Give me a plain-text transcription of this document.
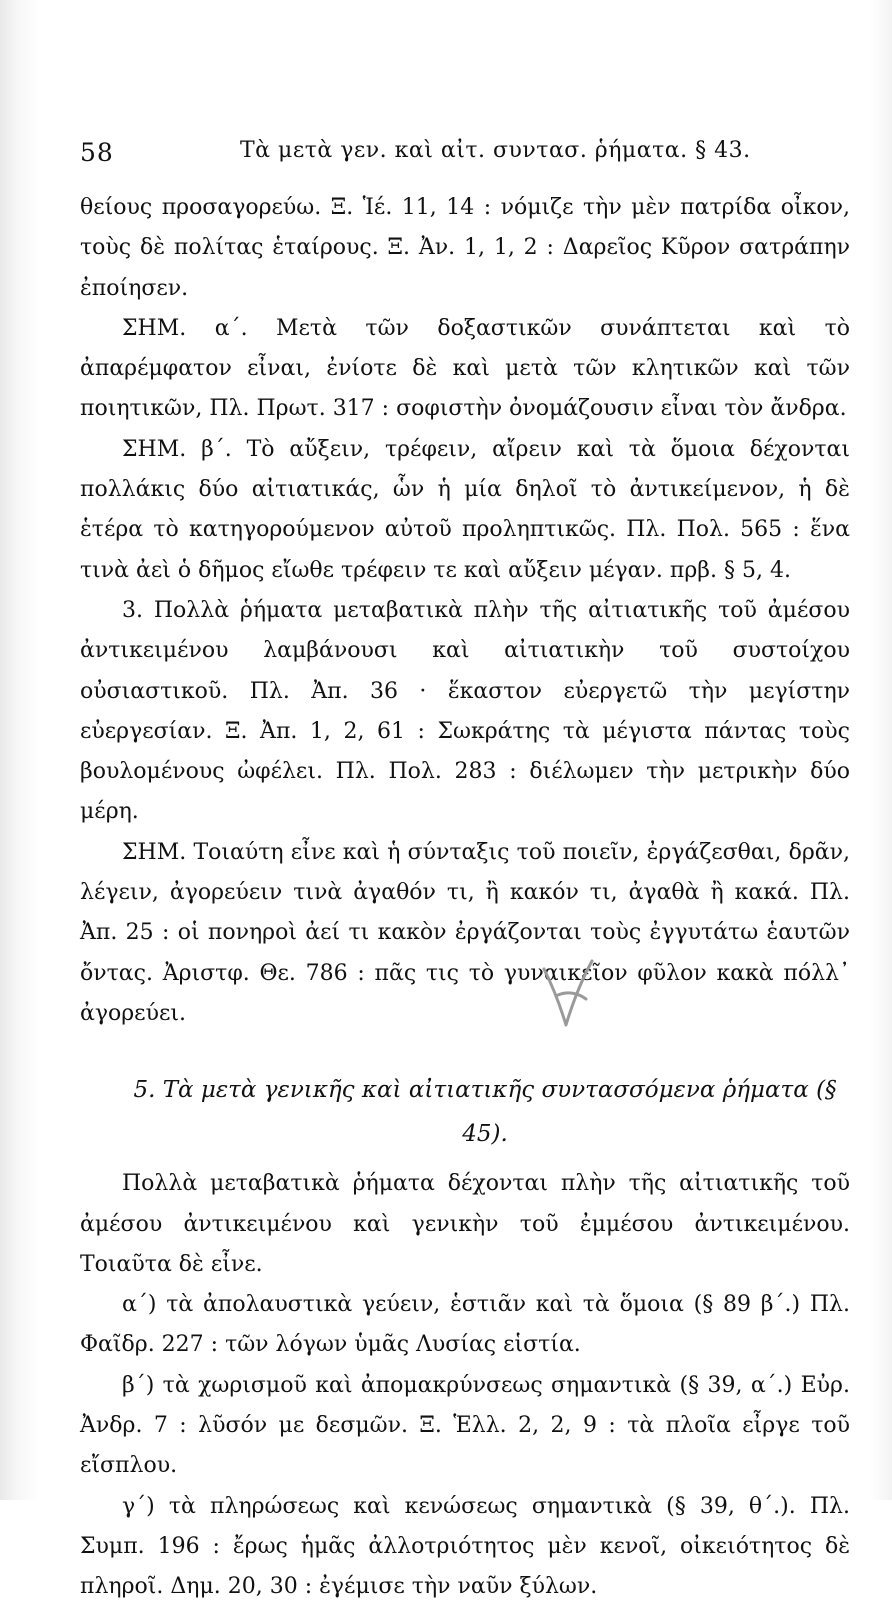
58	Τὰ μετὰ γεν. καὶ αἰτ. συντασ. ῥήματα. § 43.

θείους προσαγορεύω. Ξ. Ἱέ. 11, 14 : νόμιζε τὴν μὲν πατρίδα οἶκον, τοὺς δὲ πολίτας ἑταίρους. Ξ. Ἀν. 1, 1, 2 : Δαρεῖος Κῦρον σατράπην ἐποίησεν.

ΣΗΜ. α΄. Μετὰ τῶν δοξαστικῶν συνάπτεται καὶ τὸ ἀπαρέμφατον εἶναι, ἐνίοτε δὲ καὶ μετὰ τῶν κλητικῶν καὶ τῶν ποιητικῶν, Πλ. Πρωτ. 317 : σοφιστὴν ὀνομάζουσιν εἶναι τὸν ἄνδρα.

ΣΗΜ. β΄. Τὸ αὔξειν, τρέφειν, αἴρειν καὶ τὰ ὅμοια δέχονται πολλάκις δύο αἰτιατικάς, ὧν ἡ μία δηλοῖ τὸ ἀντικείμενον, ἡ δὲ ἑτέρα τὸ κατηγορούμενον αὐτοῦ προληπτικῶς. Πλ. Πολ. 565 : ἕνα τινὰ ἀεὶ ὁ δῆμος εἴωθε τρέφειν τε καὶ αὔξειν μέγαν. πρβ. § 5, 4.

3. Πολλὰ ῥήματα μεταβατικὰ πλὴν τῆς αἰτιατικῆς τοῦ ἀμέσου ἀντικειμένου λαμβάνουσι καὶ αἰτιατικὴν τοῦ συστοίχου οὐσιαστικοῦ. Πλ. Ἀπ. 36 · ἕκαστον εὐεργετῶ τὴν μεγίστην εὐεργεσίαν. Ξ. Ἀπ. 1, 2, 61 : Σωκράτης τὰ μέγιστα πάντας τοὺς βουλομένους ὠφέλει. Πλ. Πολ. 283 : διέλωμεν τὴν μετρικὴν δύο μέρη.

ΣΗΜ. Τοιαύτη εἶνε καὶ ἡ σύνταξις τοῦ ποιεῖν, ἐργάζεσθαι, δρᾶν, λέγειν, ἀγορεύειν τινὰ ἀγαθόν τι, ἢ κακόν τι, ἀγαθὰ ἢ κακά. Πλ. Ἀπ. 25 : οἱ πονηροὶ ἀεί τι κακὸν ἐργάζονται τοὺς ἐγγυτάτω ἑαυτῶν ὄντας. Ἀριστφ. Θε. 786 : πᾶς τις τὸ γυναικεῖον φῦλον κακὰ πόλλ᾽ ἀγορεύει.

5. Τὰ μετὰ γενικῆς καὶ αἰτιατικῆς συντασσόμενα ῥήματα (§ 45).

Πολλὰ μεταβατικὰ ῥήματα δέχονται πλὴν τῆς αἰτιατικῆς τοῦ ἀμέσου ἀντικειμένου καὶ γενικὴν τοῦ ἐμμέσου ἀντικειμένου. Τοιαῦτα δὲ εἶνε.

α΄) τὰ ἀπολαυστικὰ γεύειν, ἑστιᾶν καὶ τὰ ὅμοια (§ 89 β΄.) Πλ. Φαῖδρ. 227 : τῶν λόγων ὑμᾶς Λυσίας εἱστία.

β΄) τὰ χωρισμοῦ καὶ ἀπομακρύνσεως σημαντικὰ (§ 39, α΄.) Εὐρ. Ἀνδρ. 7 : λῦσόν με δεσμῶν. Ξ. Ἑλλ. 2, 2, 9 : τὰ πλοῖα εἶργε τοῦ εἴσπλου.

γ΄) τὰ πληρώσεως καὶ κενώσεως σημαντικὰ (§ 39, θ΄.). Πλ. Συμπ. 196 : ἔρως ἡμᾶς ἀλλοτριότητος μὲν κενοῖ, οἰκειότητος δὲ πληροῖ. Δημ. 20, 30 : ἐγέμισε τὴν ναῦν ξύλων.
